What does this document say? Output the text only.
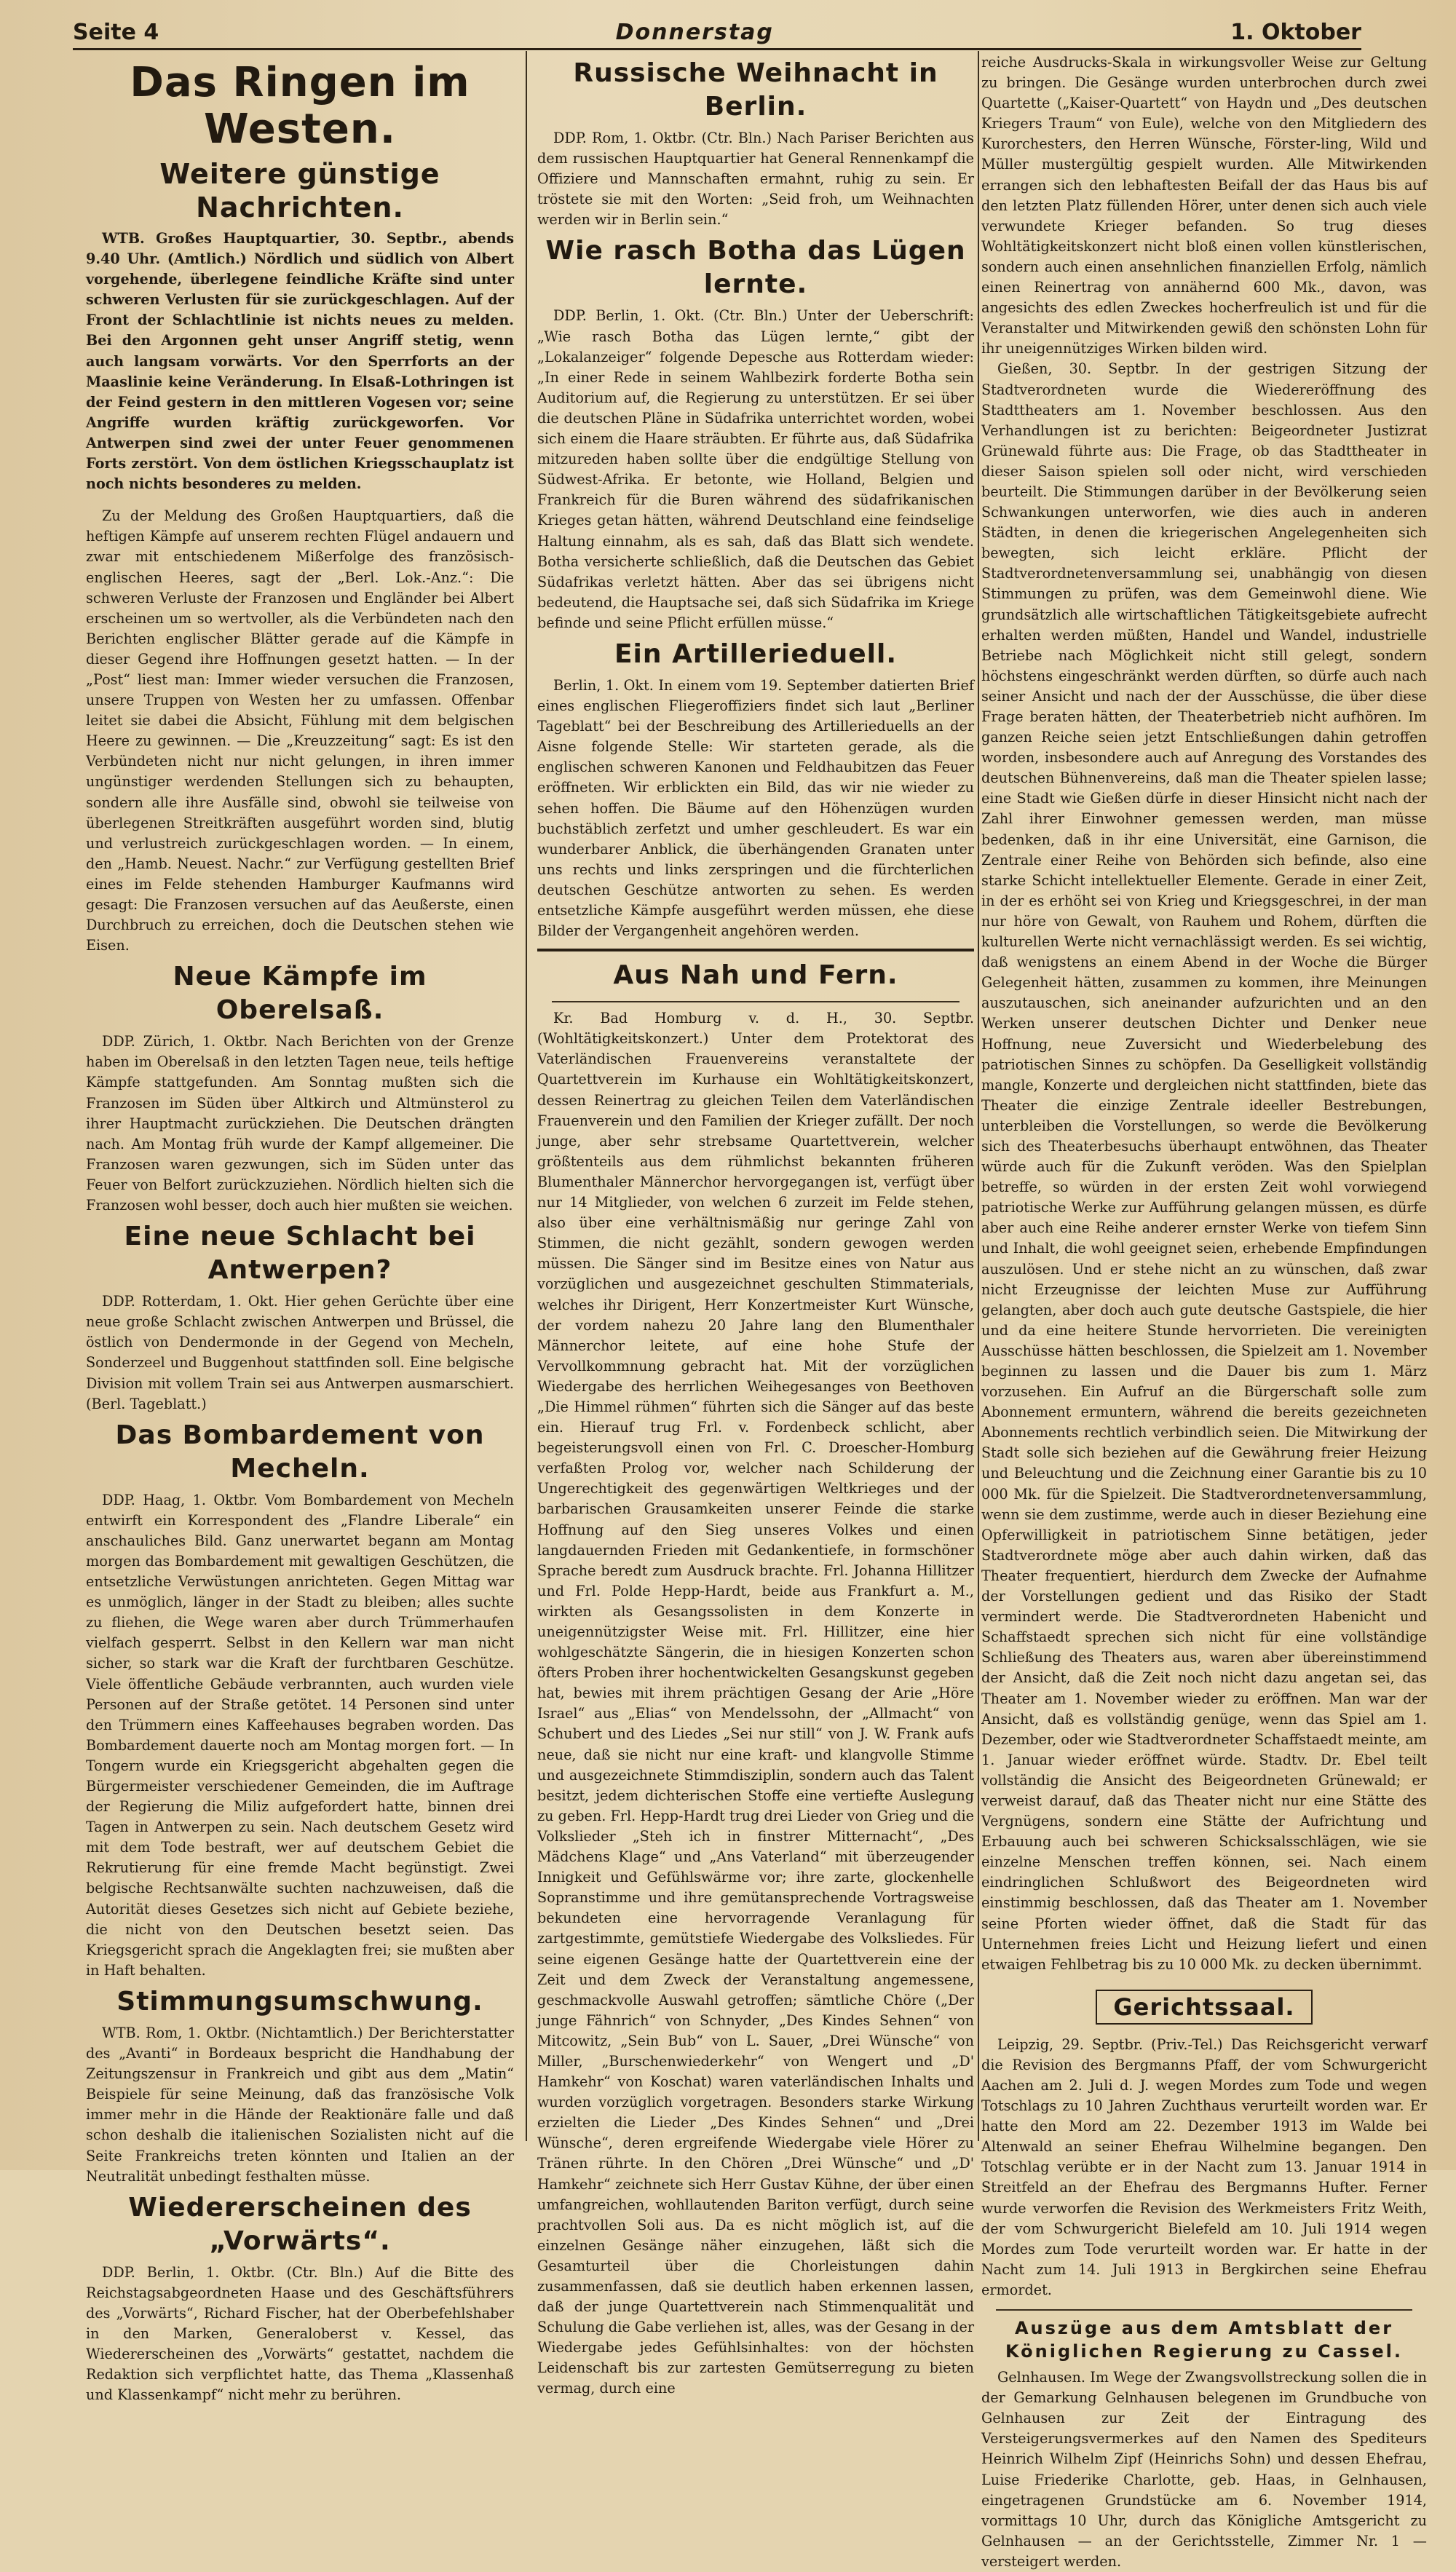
Seite 4	Donnerstag	1. Oktober
Das Ringen im Westen.
Weitere günstige Nachrichten.

WTB. Großes Hauptquartier, 30. Septbr., abends 9.40 Uhr. (Amtlich.) Nördlich und südlich von Albert vorgehende, überlegene feindliche Kräfte sind unter schweren Verlusten für sie zurückgeschlagen. Auf der Front der Schlachtlinie ist nichts neues zu melden. Bei den Argonnen geht unser Angriff stetig, wenn auch langsam vorwärts. Vor den Sperrforts an der Maaslinie keine Veränderung. In Elsaß-Lothringen ist der Feind gestern in den mittleren Vogesen vor; seine Angriffe wurden kräftig zurückgeworfen. Vor Antwerpen sind zwei der unter Feuer genommenen Forts zerstört. Von dem östlichen Kriegsschauplatz ist noch nichts besonderes zu melden.

Zu der Meldung des Großen Hauptquartiers, daß die heftigen Kämpfe auf unserem rechten Flügel andauern und zwar mit entschiedenem Mißerfolge des französisch-englischen Heeres, sagt der „Berl. Lok.-Anz.“: Die schweren Verluste der Franzosen und Engländer bei Albert erscheinen um so wertvoller, als die Verbündeten nach den Berichten englischer Blätter gerade auf die Kämpfe in dieser Gegend ihre Hoffnungen gesetzt hatten. — In der „Post“ liest man: Immer wieder versuchen die Franzosen, unsere Truppen von Westen her zu umfassen. Offenbar leitet sie dabei die Absicht, Fühlung mit dem belgischen Heere zu gewinnen. — Die „Kreuzzeitung“ sagt: Es ist den Verbündeten nicht nur nicht gelungen, in ihren immer ungünstiger werdenden Stellungen sich zu behaupten, sondern alle ihre Ausfälle sind, obwohl sie teilweise von überlegenen Streitkräften ausgeführt worden sind, blutig und verlustreich zurückgeschlagen worden. — In einem, den „Hamb. Neuest. Nachr.“ zur Verfügung gestellten Brief eines im Felde stehenden Hamburger Kaufmanns wird gesagt: Die Franzosen versuchen auf das Aeußerste, einen Durchbruch zu erreichen, doch die Deutschen stehen wie Eisen.

Neue Kämpfe im Oberelsaß.

DDP. Zürich, 1. Oktbr. Nach Berichten von der Grenze haben im Oberelsaß in den letzten Tagen neue, teils heftige Kämpfe stattgefunden. Am Sonntag mußten sich die Franzosen im Süden über Altkirch und Altmünsterol zu ihrer Hauptmacht zurückziehen. Die Deutschen drängten nach. Am Montag früh wurde der Kampf allgemeiner. Die Franzosen waren gezwungen, sich im Süden unter das Feuer von Belfort zurückzuziehen. Nördlich hielten sich die Franzosen wohl besser, doch auch hier mußten sie weichen.

Eine neue Schlacht bei Antwerpen?

DDP. Rotterdam, 1. Okt. Hier gehen Gerüchte über eine neue große Schlacht zwischen Antwerpen und Brüssel, die östlich von Dendermonde in der Gegend von Mecheln, Sonderzeel und Buggenhout stattfinden soll. Eine belgische Division mit vollem Train sei aus Antwerpen ausmarschiert. (Berl. Tageblatt.)

Das Bombardement von Mecheln.

DDP. Haag, 1. Oktbr. Vom Bombardement von Mecheln entwirft ein Korrespondent des „Flandre Liberale“ ein anschauliches Bild. Ganz unerwartet begann am Montag morgen das Bombardement mit gewaltigen Geschützen, die entsetzliche Verwüstungen anrichteten. Gegen Mittag war es unmöglich, länger in der Stadt zu bleiben; alles suchte zu fliehen, die Wege waren aber durch Trümmerhaufen vielfach gesperrt. Selbst in den Kellern war man nicht sicher, so stark war die Kraft der furchtbaren Geschütze. Viele öffentliche Gebäude verbrannten, auch wurden viele Personen auf der Straße getötet. 14 Personen sind unter den Trümmern eines Kaffeehauses begraben worden. Das Bombardement dauerte noch am Montag morgen fort. — In Tongern wurde ein Kriegsgericht abgehalten gegen die Bürgermeister verschiedener Gemeinden, die im Auftrage der Regierung die Miliz aufgefordert hatte, binnen drei Tagen in Antwerpen zu sein. Nach deutschem Gesetz wird mit dem Tode bestraft, wer auf deutschem Gebiet die Rekrutierung für eine fremde Macht begünstigt. Zwei belgische Rechtsanwälte suchten nachzuweisen, daß die Autorität dieses Gesetzes sich nicht auf Gebiete beziehe, die nicht von den Deutschen besetzt seien. Das Kriegsgericht sprach die Angeklagten frei; sie mußten aber in Haft behalten.

Stimmungsumschwung.

WTB. Rom, 1. Oktbr. (Nichtamtlich.) Der Berichterstatter des „Avanti“ in Bordeaux bespricht die Handhabung der Zeitungszensur in Frankreich und gibt aus dem „Matin“ Beispiele für seine Meinung, daß das französische Volk immer mehr in die Hände der Reaktionäre falle und daß schon deshalb die italienischen Sozialisten nicht auf die Seite Frankreichs treten könnten und Italien an der Neutralität unbedingt festhalten müsse.

Wiedererscheinen des „Vorwärts“.

DDP. Berlin, 1. Oktbr. (Ctr. Bln.) Auf die Bitte des Reichstagsabgeordneten Haase und des Geschäftsführers des „Vorwärts“, Richard Fischer, hat der Oberbefehlshaber in den Marken, Generaloberst v. Kessel, das Wiedererscheinen des „Vorwärts“ gestattet, nachdem die Redaktion sich verpflichtet hatte, das Thema „Klassenhaß und Klassenkampf“ nicht mehr zu berühren.

Russische Weihnacht in Berlin.

DDP. Rom, 1. Oktbr. (Ctr. Bln.) Nach Pariser Berichten aus dem russischen Hauptquartier hat General Rennenkampf die Offiziere und Mannschaften ermahnt, ruhig zu sein. Er tröstete sie mit den Worten: „Seid froh, um Weihnachten werden wir in Berlin sein.“

Wie rasch Botha das Lügen lernte.

DDP. Berlin, 1. Okt. (Ctr. Bln.) Unter der Ueberschrift: „Wie rasch Botha das Lügen lernte,“ gibt der „Lokalanzeiger“ folgende Depesche aus Rotterdam wieder: „In einer Rede in seinem Wahlbezirk forderte Botha sein Auditorium auf, die Regierung zu unterstützen. Er sei über die deutschen Pläne in Südafrika unterrichtet worden, wobei sich einem die Haare sträubten. Er führte aus, daß Südafrika mitzureden haben sollte über die endgültige Stellung von Südwest-Afrika. Er betonte, wie Holland, Belgien und Frankreich für die Buren während des südafrikanischen Krieges getan hätten, während Deutschland eine feindselige Haltung einnahm, als es sah, daß das Blatt sich wendete. Botha versicherte schließlich, daß die Deutschen das Gebiet Südafrikas verletzt hätten. Aber das sei übrigens nicht bedeutend, die Hauptsache sei, daß sich Südafrika im Kriege befinde und seine Pflicht erfüllen müsse.“

Ein Artillerieduell.

Berlin, 1. Okt. In einem vom 19. September datierten Brief eines englischen Fliegeroffiziers findet sich laut „Berliner Tageblatt“ bei der Beschreibung des Artillerieduells an der Aisne folgende Stelle: Wir starteten gerade, als die englischen schweren Kanonen und Feldhaubitzen das Feuer eröffneten. Wir erblickten ein Bild, das wir nie wieder zu sehen hoffen. Die Bäume auf den Höhenzügen wurden buchstäblich zerfetzt und umher geschleudert. Es war ein wunderbarer Anblick, die überhängenden Granaten unter uns rechts und links zerspringen und die fürchterlichen deutschen Geschütze antworten zu sehen. Es werden entsetzliche Kämpfe ausgeführt werden müssen, ehe diese Bilder der Vergangenheit angehören werden.

Aus Nah und Fern.

Kr. Bad Homburg v. d. H., 30. Septbr. (Wohltätigkeitskonzert.) Unter dem Protektorat des Vaterländischen Frauenvereins veranstaltete der Quartettverein im Kurhause ein Wohltätigkeitskonzert, dessen Reinertrag zu gleichen Teilen dem Vaterländischen Frauenverein und den Familien der Krieger zufällt. Der noch junge, aber sehr strebsame Quartettverein, welcher größtenteils aus dem rühmlichst bekannten früheren Blumenthaler Männerchor hervorgegangen ist, verfügt über nur 14 Mitglieder, von welchen 6 zurzeit im Felde stehen, also über eine verhältnismäßig nur geringe Zahl von Stimmen, die nicht gezählt, sondern gewogen werden müssen. Die Sänger sind im Besitze eines von Natur aus vorzüglichen und ausgezeichnet geschulten Stimmaterials, welches ihr Dirigent, Herr Konzertmeister Kurt Wünsche, der vordem nahezu 20 Jahre lang den Blumenthaler Männerchor leitete, auf eine hohe Stufe der Vervollkommnung gebracht hat. Mit der vorzüglichen Wiedergabe des herrlichen Weihegesanges von Beethoven „Die Himmel rühmen“ führten sich die Sänger auf das beste ein. Hierauf trug Frl. v. Fordenbeck schlicht, aber begeisterungsvoll einen von Frl. C. Droescher-Homburg verfaßten Prolog vor, welcher nach Schilderung der Ungerechtigkeit des gegenwärtigen Weltkrieges und der barbarischen Grausamkeiten unserer Feinde die starke Hoffnung auf den Sieg unseres Volkes und einen langdauernden Frieden mit Gedankentiefe, in formschöner Sprache beredt zum Ausdruck brachte. Frl. Johanna Hillitzer und Frl. Polde Hepp-Hardt, beide aus Frankfurt a. M., wirkten als Gesangssolisten in dem Konzerte in uneigennützigster Weise mit. Frl. Hillitzer, eine hier wohlgeschätzte Sängerin, die in hiesigen Konzerten schon öfters Proben ihrer hochentwickelten Gesangskunst gegeben hat, bewies mit ihrem prächtigen Gesang der Arie „Höre Israel“ aus „Elias“ von Mendelssohn, der „Allmacht“ von Schubert und des Liedes „Sei nur still“ von J. W. Frank aufs neue, daß sie nicht nur eine kraft- und klangvolle Stimme und ausgezeichnete Stimmdisziplin, sondern auch das Talent besitzt, jedem dichterischen Stoffe eine vertiefte Auslegung zu geben. Frl. Hepp-Hardt trug drei Lieder von Grieg und die Volkslieder „Steh ich in finstrer Mitternacht“, „Des Mädchens Klage“ und „Ans Vaterland“ mit überzeugender Innigkeit und Gefühlswärme vor; ihre zarte, glockenhelle Sopranstimme und ihre gemütansprechende Vortragsweise bekundeten eine hervorragende Veranlagung für zartgestimmte, gemütstiefe Wiedergabe des Volksliedes. Für seine eigenen Gesänge hatte der Quartettverein eine der Zeit und dem Zweck der Veranstaltung angemessene, geschmackvolle Auswahl getroffen; sämtliche Chöre („Der junge Fähnrich“ von Schnyder, „Des Kindes Sehnen“ von Mitcowitz, „Sein Bub“ von L. Sauer, „Drei Wünsche“ von Miller, „Burschenwiederkehr“ von Wengert und „D' Hamkehr“ von Koschat) waren vaterländischen Inhalts und wurden vorzüglich vorgetragen. Besonders starke Wirkung erzielten die Lieder „Des Kindes Sehnen“ und „Drei Wünsche“, deren ergreifende Wiedergabe viele Hörer zu Tränen rührte. In den Chören „Drei Wünsche“ und „D' Hamkehr“ zeichnete sich Herr Gustav Kühne, der über einen umfangreichen, wohllautenden Bariton verfügt, durch seine prachtvollen Soli aus. Da es nicht möglich ist, auf die einzelnen Gesänge näher einzugehen, läßt sich die Gesamturteil über die Chorleistungen dahin zusammenfassen, daß sie deutlich haben erkennen lassen, daß der junge Quartettverein nach Stimmenqualität und Schulung die Gabe verliehen ist, alles, was der Gesang in der Wiedergabe jedes Gefühlsinhaltes: von der höchsten Leidenschaft bis zur zartesten Gemütserregung zu bieten vermag, durch eine

reiche Ausdrucks-Skala in wirkungsvoller Weise zur Geltung zu bringen. Die Gesänge wurden unterbrochen durch zwei Quartette („Kaiser-Quartett“ von Haydn und „Des deutschen Kriegers Traum“ von Eule), welche von den Mitgliedern des Kurorchesters, den Herren Wünsche, Förster-ling, Wild und Müller mustergültig gespielt wurden. Alle Mitwirkenden errangen sich den lebhaftesten Beifall der das Haus bis auf den letzten Platz füllenden Hörer, unter denen sich auch viele verwundete Krieger befanden. So trug dieses Wohltätigkeitskonzert nicht bloß einen vollen künstlerischen, sondern auch einen ansehnlichen finanziellen Erfolg, nämlich einen Reinertrag von annähernd 600 Mk., davon, was angesichts des edlen Zweckes hocherfreulich ist und für die Veranstalter und Mitwirkenden gewiß den schönsten Lohn für ihr uneigennütziges Wirken bilden wird.

Gießen, 30. Septbr. In der gestrigen Sitzung der Stadtverordneten wurde die Wiedereröffnung des Stadttheaters am 1. November beschlossen. Aus den Verhandlungen ist zu berichten: Beigeordneter Justizrat Grünewald führte aus: Die Frage, ob das Stadttheater in dieser Saison spielen soll oder nicht, wird verschieden beurteilt. Die Stimmungen darüber in der Bevölkerung seien Schwankungen unterworfen, wie dies auch in anderen Städten, in denen die kriegerischen Angelegenheiten sich bewegten, sich leicht erkläre. Pflicht der Stadtverordnetenversammlung sei, unabhängig von diesen Stimmungen zu prüfen, was dem Gemeinwohl diene. Wie grundsätzlich alle wirtschaftlichen Tätigkeitsgebiete aufrecht erhalten werden müßten, Handel und Wandel, industrielle Betriebe nach Möglichkeit nicht still gelegt, sondern höchstens eingeschränkt werden dürften, so dürfe auch nach seiner Ansicht und nach der der Ausschüsse, die über diese Frage beraten hätten, der Theaterbetrieb nicht aufhören. Im ganzen Reiche seien jetzt Entschließungen dahin getroffen worden, insbesondere auch auf Anregung des Vorstandes des deutschen Bühnenvereins, daß man die Theater spielen lasse; eine Stadt wie Gießen dürfe in dieser Hinsicht nicht nach der Zahl ihrer Einwohner gemessen werden, man müsse bedenken, daß in ihr eine Universität, eine Garnison, die Zentrale einer Reihe von Behörden sich befinde, also eine starke Schicht intellektueller Elemente. Gerade in einer Zeit, in der es erhöht sei von Krieg und Kriegsgeschrei, in der man nur höre von Gewalt, von Rauhem und Rohem, dürften die kulturellen Werte nicht vernachlässigt werden. Es sei wichtig, daß wenigstens an einem Abend in der Woche die Bürger Gelegenheit hätten, zusammen zu kommen, ihre Meinungen auszutauschen, sich aneinander aufzurichten und an den Werken unserer deutschen Dichter und Denker neue Hoffnung, neue Zuversicht und Wiederbelebung des patriotischen Sinnes zu schöpfen. Da Geselligkeit vollständig mangle, Konzerte und dergleichen nicht stattfinden, biete das Theater die einzige Zentrale ideeller Bestrebungen, unterbleiben die Vorstellungen, so werde die Bevölkerung sich des Theaterbesuchs überhaupt entwöhnen, das Theater würde auch für die Zukunft veröden. Was den Spielplan betreffe, so würden in der ersten Zeit wohl vorwiegend patriotische Werke zur Aufführung gelangen müssen, es dürfe aber auch eine Reihe anderer ernster Werke von tiefem Sinn und Inhalt, die wohl geeignet seien, erhebende Empfindungen auszulösen. Und er stehe nicht an zu wünschen, daß zwar nicht Erzeugnisse der leichten Muse zur Aufführung gelangten, aber doch auch gute deutsche Gastspiele, die hier und da eine heitere Stunde hervorrieten. Die vereinigten Ausschüsse hätten beschlossen, die Spielzeit am 1. November beginnen zu lassen und die Dauer bis zum 1. März vorzusehen. Ein Aufruf an die Bürgerschaft solle zum Abonnement ermuntern, während die bereits gezeichneten Abonnements rechtlich verbindlich seien. Die Mitwirkung der Stadt solle sich beziehen auf die Gewährung freier Heizung und Beleuchtung und die Zeichnung einer Garantie bis zu 10 000 Mk. für die Spielzeit. Die Stadtverordnetenversammlung, wenn sie dem zustimme, werde auch in dieser Beziehung eine Opferwilligkeit in patriotischem Sinne betätigen, jeder Stadtverordnete möge aber auch dahin wirken, daß das Theater frequentiert, hierdurch dem Zwecke der Aufnahme der Vorstellungen gedient und das Risiko der Stadt vermindert werde. Die Stadtverordneten Habenicht und Schaffstaedt sprechen sich nicht für eine vollständige Schließung des Theaters aus, waren aber übereinstimmend der Ansicht, daß die Zeit noch nicht dazu angetan sei, das Theater am 1. November wieder zu eröffnen. Man war der Ansicht, daß es vollständig genüge, wenn das Spiel am 1. Dezember, oder wie Stadtverordneter Schaffstaedt meinte, am 1. Januar wieder eröffnet würde. Stadtv. Dr. Ebel teilt vollständig die Ansicht des Beigeordneten Grünewald; er verweist darauf, daß das Theater nicht nur eine Stätte des Vergnügens, sondern eine Stätte der Aufrichtung und Erbauung auch bei schweren Schicksalsschlägen, wie sie einzelne Menschen treffen können, sei. Nach einem eindringlichen Schlußwort des Beigeordneten wird einstimmig beschlossen, daß das Theater am 1. November seine Pforten wieder öffnet, daß die Stadt für das Unternehmen freies Licht und Heizung liefert und einen etwaigen Fehlbetrag bis zu 10 000 Mk. zu decken übernimmt.

Gerichtssaal.

Leipzig, 29. Septbr. (Priv.-Tel.) Das Reichsgericht verwarf die Revision des Bergmanns Pfaff, der vom Schwurgericht Aachen am 2. Juli d. J. wegen Mordes zum Tode und wegen Totschlags zu 10 Jahren Zuchthaus verurteilt worden war. Er hatte den Mord am 22. Dezember 1913 im Walde bei Altenwald an seiner Ehefrau Wilhelmine begangen. Den Totschlag verübte er in der Nacht zum 13. Januar 1914 in Streitfeld an der Ehefrau des Bergmanns Hufter. Ferner wurde verworfen die Revision des Werkmeisters Fritz Weith, der vom Schwurgericht Bielefeld am 10. Juli 1914 wegen Mordes zum Tode verurteilt worden war. Er hatte in der Nacht zum 14. Juli 1913 in Bergkirchen seine Ehefrau ermordet.

Auszüge aus dem Amtsblatt der Königlichen Regierung zu Cassel.

Gelnhausen. Im Wege der Zwangsvollstreckung sollen die in der Gemarkung Gelnhausen belegenen im Grundbuche von Gelnhausen zur Zeit der Eintragung des Versteigerungsvermerkes auf den Namen des Spediteurs Heinrich Wilhelm Zipf (Heinrichs Sohn) und dessen Ehefrau, Luise Friederike Charlotte, geb. Haas, in Gelnhausen, eingetragenen Grundstücke am 6. November 1914, vormittags 10 Uhr, durch das Königliche Amtsgericht zu Gelnhausen — an der Gerichtsstelle, Zimmer Nr. 1 — versteigert werden.
